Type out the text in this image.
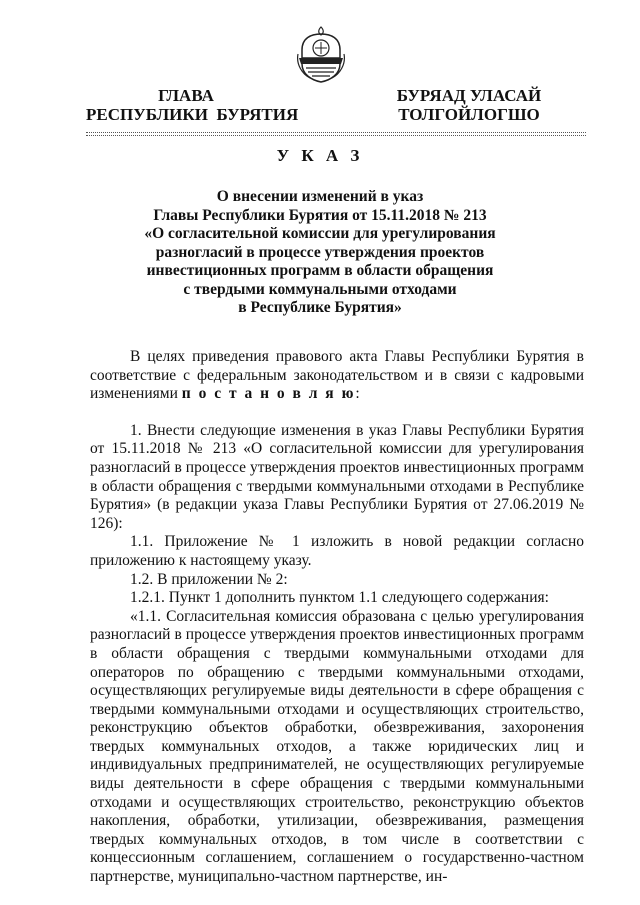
ГЛАВА
РЕСПУБЛИКИ  БУРЯТИЯ
БУРЯАД УЛАСАЙ
ТОЛГОЙЛОГШО
У К А З
О внесении изменений в указ
Главы Республики Бурятия от 15.11.2018 № 213
«О согласительной комиссии для урегулирования
разногласий в процессе утверждения проектов
инвестиционных программ в области обращения
с твердыми коммунальными отходами
в Республике Бурятия»

В целях приведения правового акта Главы Республики Бурятия в соответствие с федеральным законодательством и в связи с кадровыми изменениями п о с т а н о в л я ю:

1. Внести следующие изменения в указ Главы Республики Бурятия от 15.11.2018 № 213 «О согласительной комиссии для урегулирования разногласий в процессе утверждения проектов инвестиционных программ в области обращения с твердыми коммунальными отходами в Республике Бурятия» (в редакции указа Главы Республики Бурятия от 27.06.2019 № 126):

1.1. Приложение № 1 изложить в новой редакции согласно приложению к настоящему указу.

1.2. В приложении № 2:

1.2.1. Пункт 1 дополнить пунктом 1.1 следующего содержания:

«1.1. Согласительная комиссия образована с целью урегулирования разногласий в процессе утверждения проектов инвестиционных программ в области обращения с твердыми коммунальными отходами для операторов по обращению с твердыми коммунальными отходами, осуществляющих регулируемые виды деятельности в сфере обращения с твердыми коммунальными отходами и осуществляющих строительство, реконструкцию объектов обработки, обезвреживания, захоронения твердых коммунальных отходов, а также юридических лиц и индивидуальных предпринимателей, не осуществляющих регулируемые виды деятельности в сфере обращения с твердыми коммунальными отходами и осуществляющих строительство, реконструкцию объектов накопления, обработки, утилизации, обезвреживания, размещения твердых коммунальных отходов, в том числе в соответствии с концессионным соглашением, соглашением о государственно-частном партнерстве, муниципально-частном партнерстве, ин-
